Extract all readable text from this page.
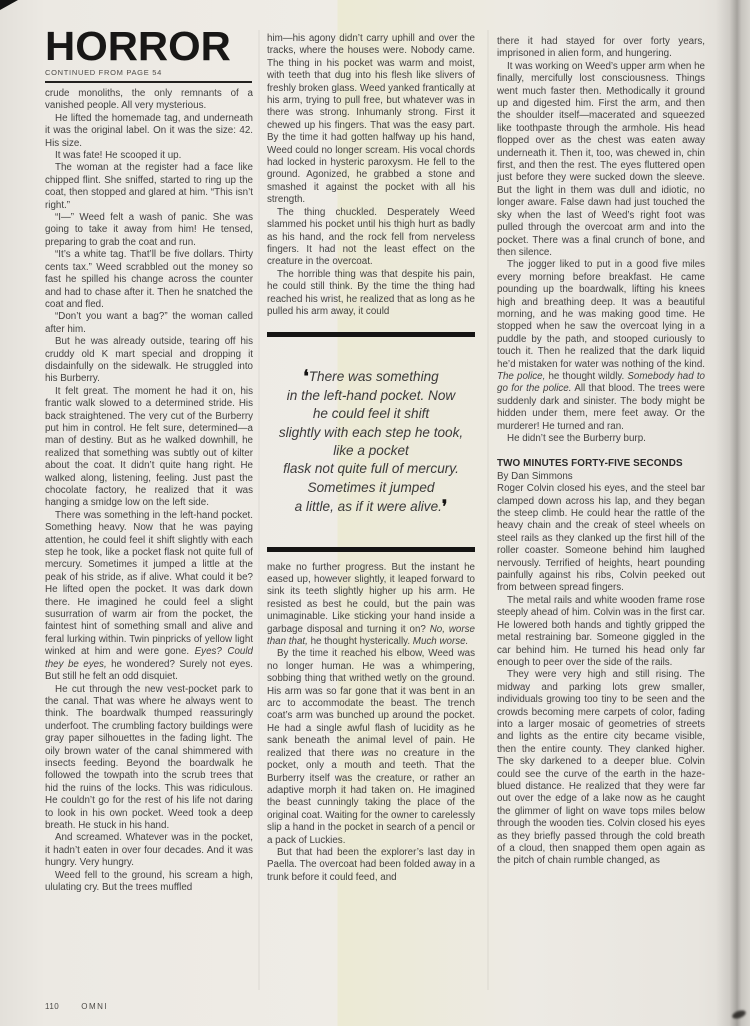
HORROR
CONTINUED FROM PAGE 54

crude monoliths, the only remnants of a vanished people. All very mysterious.

He lifted the homemade tag, and underneath it was the original label. On it was the size: 42. His size.

It was fate! He scooped it up.

The woman at the register had a face like chipped flint. She sniffed, started to ring up the coat, then stopped and glared at him. “This isn’t right.”

“I—” Weed felt a wash of panic. She was going to take it away from him! He tensed, preparing to grab the coat and run.

“It’s a white tag. That’ll be five dollars. Thirty cents tax.” Weed scrabbled out the money so fast he spilled his change across the counter and had to chase after it. Then he snatched the coat and fled.

“Don’t you want a bag?” the woman called after him.

But he was already outside, tearing off his cruddy old K mart special and dropping it disdainfully on the sidewalk. He struggled into his Burberry.

It felt great. The moment he had it on, his frantic walk slowed to a determined stride. His back straightened. The very cut of the Burberry put him in control. He felt sure, determined—a man of destiny. But as he walked downhill, he realized that something was subtly out of kilter about the coat. It didn’t quite hang right. He walked along, listening, feeling. Just past the chocolate factory, he realized that it was hanging a smidge low on the left side.

There was something in the left-hand pocket. Something heavy. Now that he was paying attention, he could feel it shift slightly with each step he took, like a pocket flask not quite full of mercury. Sometimes it jumped a little at the peak of his stride, as if alive. What could it be? He lifted open the pocket. It was dark down there. He imagined he could feel a slight susurration of warm air from the pocket, the faintest hint of something small and alive and feral lurking within. Twin pinpricks of yellow light winked at him and were gone. Eyes? Could they be eyes, he wondered? Surely not eyes. But still he felt an odd disquiet.

He cut through the new vest-pocket park to the canal. That was where he always went to think. The boardwalk thumped reassuringly underfoot. The crumbling factory buildings were gray paper silhouettes in the fading light. The oily brown water of the canal shimmered with insects feeding. Beyond the boardwalk he followed the towpath into the scrub trees that hid the ruins of the locks. This was ridiculous. He couldn’t go for the rest of his life not daring to look in his own pocket. Weed took a deep breath. He stuck in his hand.

And screamed. Whatever was in the pocket, it hadn’t eaten in over four decades. And it was hungry. Very hungry.

Weed fell to the ground, his scream a high, ululating cry. But the trees muffled

him—his agony didn’t carry uphill and over the tracks, where the houses were. Nobody came. The thing in his pocket was warm and moist, with teeth that dug into his flesh like slivers of freshly broken glass. Weed yanked frantically at his arm, trying to pull free, but whatever was in there was strong. Inhumanly strong. First it chewed up his fingers. That was the easy part. By the time it had gotten halfway up his hand, Weed could no longer scream. His vocal chords had locked in hysteric paroxysm. He fell to the ground. Agonized, he grabbed a stone and smashed it against the pocket with all his strength.

The thing chuckled. Desperately Weed slammed his pocket until his thigh hurt as badly as his hand, and the rock fell from nerveless fingers. It had not the least effect on the creature in the overcoat.

The horrible thing was that despite his pain, he could still think. By the time the thing had reached his wrist, he realized that as long as he pulled his arm away, it could

❛There was something
in the left-hand pocket. Now
he could feel it shift
slightly with each step he took,
like a pocket
flask not quite full of mercury.
Sometimes it jumped
a little, as if it were alive.❜

make no further progress. But the instant he eased up, however slightly, it leaped forward to sink its teeth slightly higher up his arm. He resisted as best he could, but the pain was unimaginable. Like sticking your hand inside a garbage disposal and turning it on? No, worse than that, he thought hysterically. Much worse.

By the time it reached his elbow, Weed was no longer human. He was a whimpering, sobbing thing that writhed wetly on the ground. His arm was so far gone that it was bent in an arc to accommodate the beast. The trench coat’s arm was bunched up around the pocket. He had a single awful flash of lucidity as he sank beneath the animal level of pain. He realized that there was no creature in the pocket, only a mouth and teeth. That the Burberry itself was the creature, or rather an adaptive morph it had taken on. He imagined the beast cunningly taking the place of the original coat. Waiting for the owner to carelessly slip a hand in the pocket in search of a pencil or a pack of Luckies.

But that had been the explorer’s last day in Paella. The overcoat had been folded away in a trunk before it could feed, and

there it had stayed for over forty years, imprisoned in alien form, and hungering.

It was working on Weed’s upper arm when he finally, mercifully lost consciousness. Things went much faster then. Methodically it ground up and digested him. First the arm, and then the shoulder itself—macerated and squeezed like toothpaste through the armhole. His head flopped over as the chest was eaten away underneath it. Then it, too, was chewed in, chin first, and then the rest. The eyes fluttered open just before they were sucked down the sleeve. But the light in them was dull and idiotic, no longer aware. False dawn had just touched the sky when the last of Weed’s right foot was pulled through the overcoat arm and into the pocket. There was a final crunch of bone, and then silence.

The jogger liked to put in a good five miles every morning before breakfast. He came pounding up the boardwalk, lifting his knees high and breathing deep. It was a beautiful morning, and he was making good time. He stopped when he saw the overcoat lying in a puddle by the path, and stooped curiously to touch it. Then he realized that the dark liquid he’d mistaken for water was nothing of the kind. The police, he thought wildly. Somebody had to go for the police. All that blood. The trees were suddenly dark and sinister. The body might be hidden under them, mere feet away. Or the murderer! He turned and ran.

He didn’t see the Burberry burp.

TWO MINUTES FORTY-FIVE SECONDS

By Dan Simmons

Roger Colvin closed his eyes, and the steel bar clamped down across his lap, and they began the steep climb. He could hear the rattle of the heavy chain and the creak of steel wheels on steel rails as they clanked up the first hill of the roller coaster. Someone behind him laughed nervously. Terrified of heights, heart pounding painfully against his ribs, Colvin peeked out from between spread fingers.

The metal rails and white wooden frame rose steeply ahead of him. Colvin was in the first car. He lowered both hands and tightly gripped the metal restraining bar. Someone giggled in the car behind him. He turned his head only far enough to peer over the side of the rails.

They were very high and still rising. The midway and parking lots grew smaller, individuals growing too tiny to be seen and the crowds becoming mere carpets of color, fading into a larger mosaic of geometries of streets and lights as the entire city became visible, then the entire county. They clanked higher. The sky darkened to a deeper blue. Colvin could see the curve of the earth in the haze-blued distance. He realized that they were far out over the edge of a lake now as he caught the glimmer of light on wave tops miles below through the wooden ties. Colvin closed his eyes as they briefly passed through the cold breath of a cloud, then snapped them open again as the pitch of chain rumble changed, as

110	OMNI
